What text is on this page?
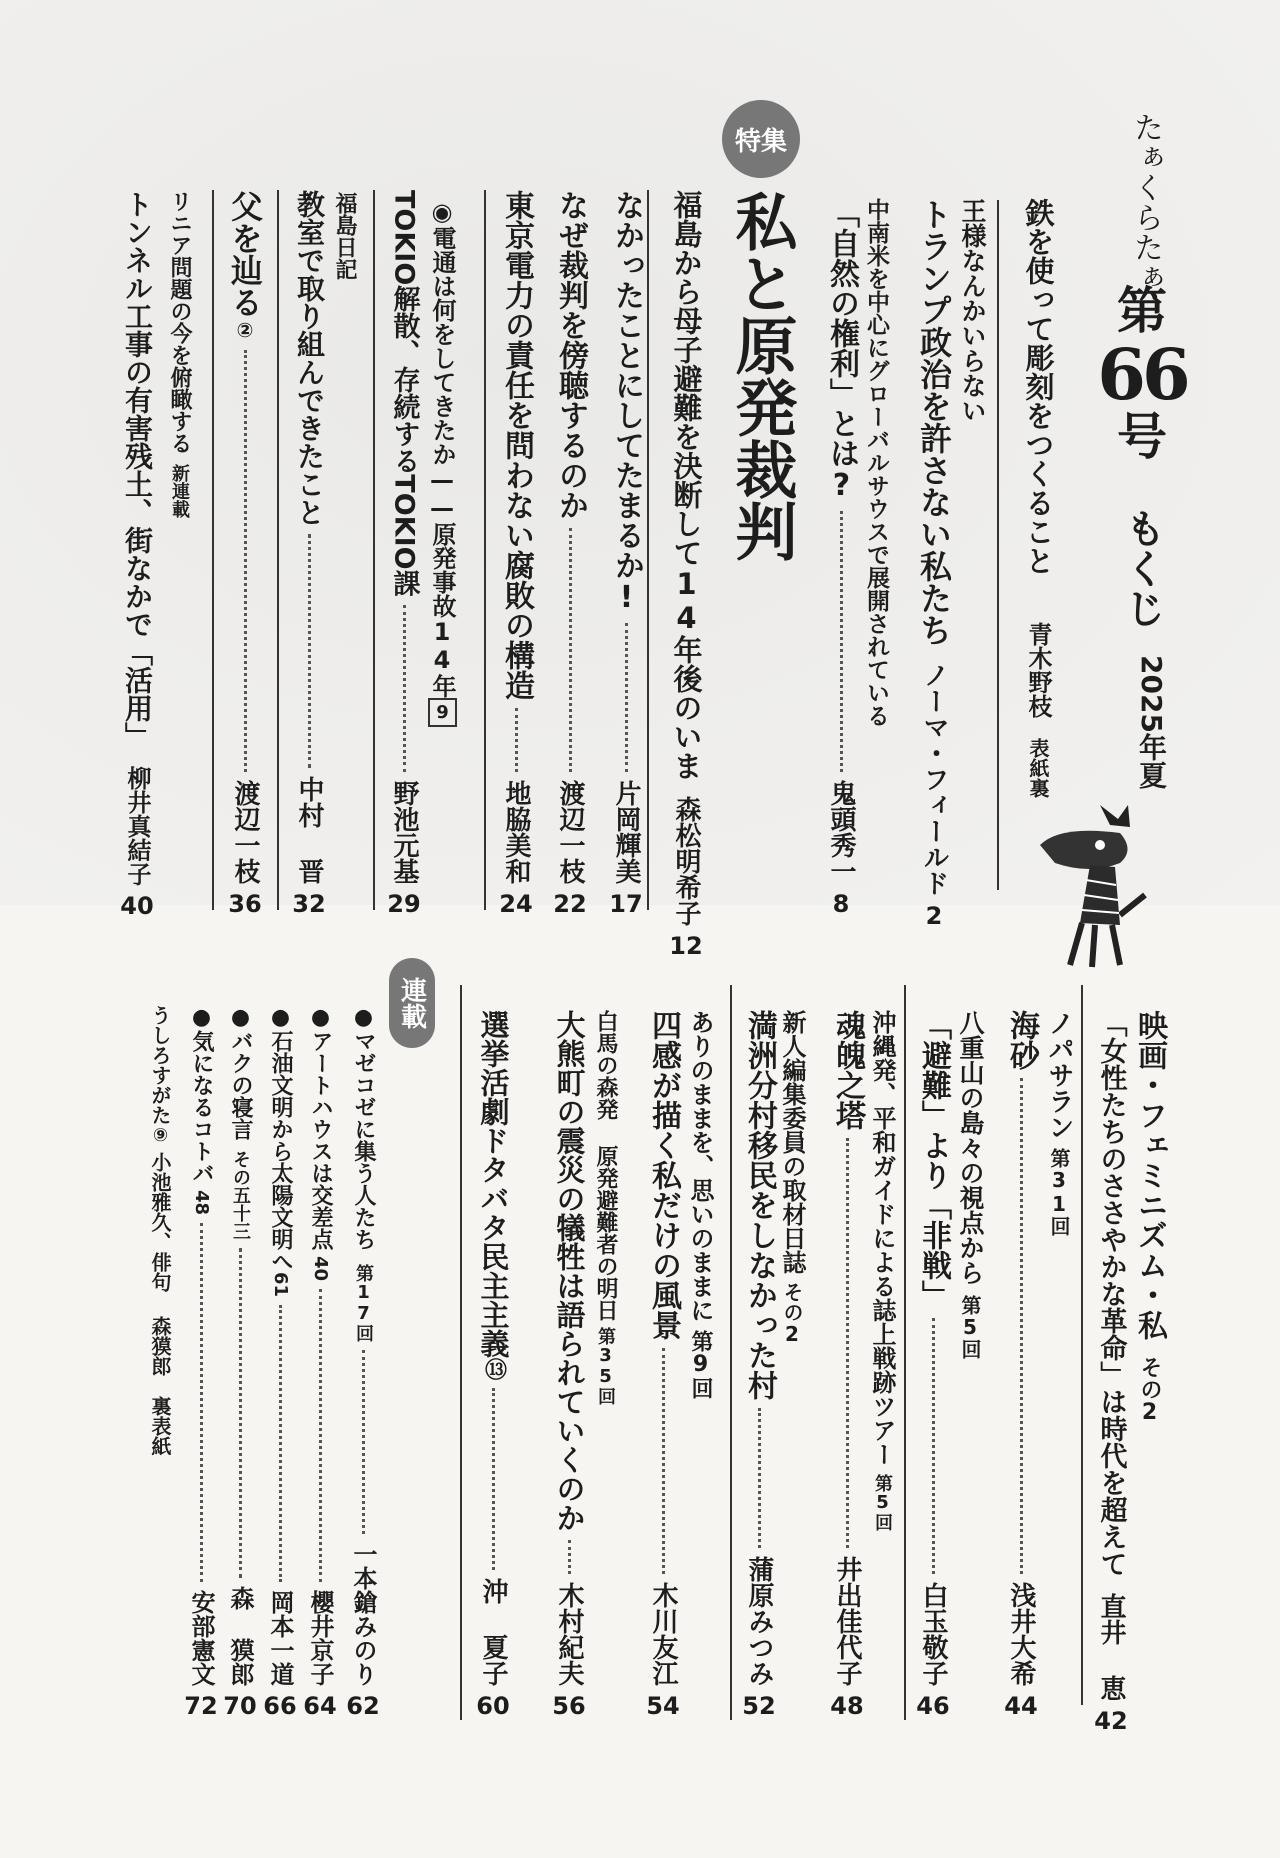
たぁくらたぁ
第
66
号
もくじ
2025年夏
鉄を使って彫刻をつくること
青木野枝
表紙裏
王様なんかいらない
トランプ政治を許さない私たち
ノーマ・フィールド
2
中南米を中心にグローバルサウスで展開されている
「自然の権利」とは?
鬼頭秀一
8
特集
私と原発裁判
福島から母子避難を決断して14年後のいま
森松明希子
12
なかったことにしてたまるか!
片岡輝美
17
なぜ裁判を傍聴するのか
渡辺一枝
22
東京電力の責任を問わない腐敗の構造
地脇美和
24
◉電通は何をしてきたか——原発事故14年9
TOKIO解散、存続するTOKIO課
野池元基
29
福島日記
教室で取り組んできたこと
中村 晋
32
父を辿る②
渡辺一枝
36
リニア問題の今を俯瞰する新連載
トンネル工事の有害残土、街なかで「活用」
柳井真結子
40
映画・フェミニズム・私その2
「女性たちのささやかな革命」は時代を超えて
直井 恵
42
ノパサラン第31回
海砂
浅井大希
44
八重山の島々の視点から第5回
「避難」より「非戦」
白玉敬子
46
沖縄発、平和ガイドによる誌上戦跡ツアー第5回
魂魄之塔
井出佳代子
48
新人編集委員の取材日誌その2
満洲分村移民をしなかった村
蒲原みつみ
52
ありのままを、思いのままに第9回
四感が描く私だけの風景
木川友江
54
白馬の森発 原発避難者の明日第35回
大熊町の震災の犠牲は語られていくのか
木村紀夫
56
選挙活劇ドタバタ民主主義⑬
沖 夏子
60
連載
●マゼコゼに集う人たち第17回
一本鎗みのり
62
●アートハウスは交差点40
櫻井京子
64
●石油文明から太陽文明へ61
岡本一道
66
●バクの寝言その五十三
森 獏郎
70
●気になるコトバ48
安部憲文
72
うしろすがた⑨小池雅久、俳句 森獏郎裏表紙
